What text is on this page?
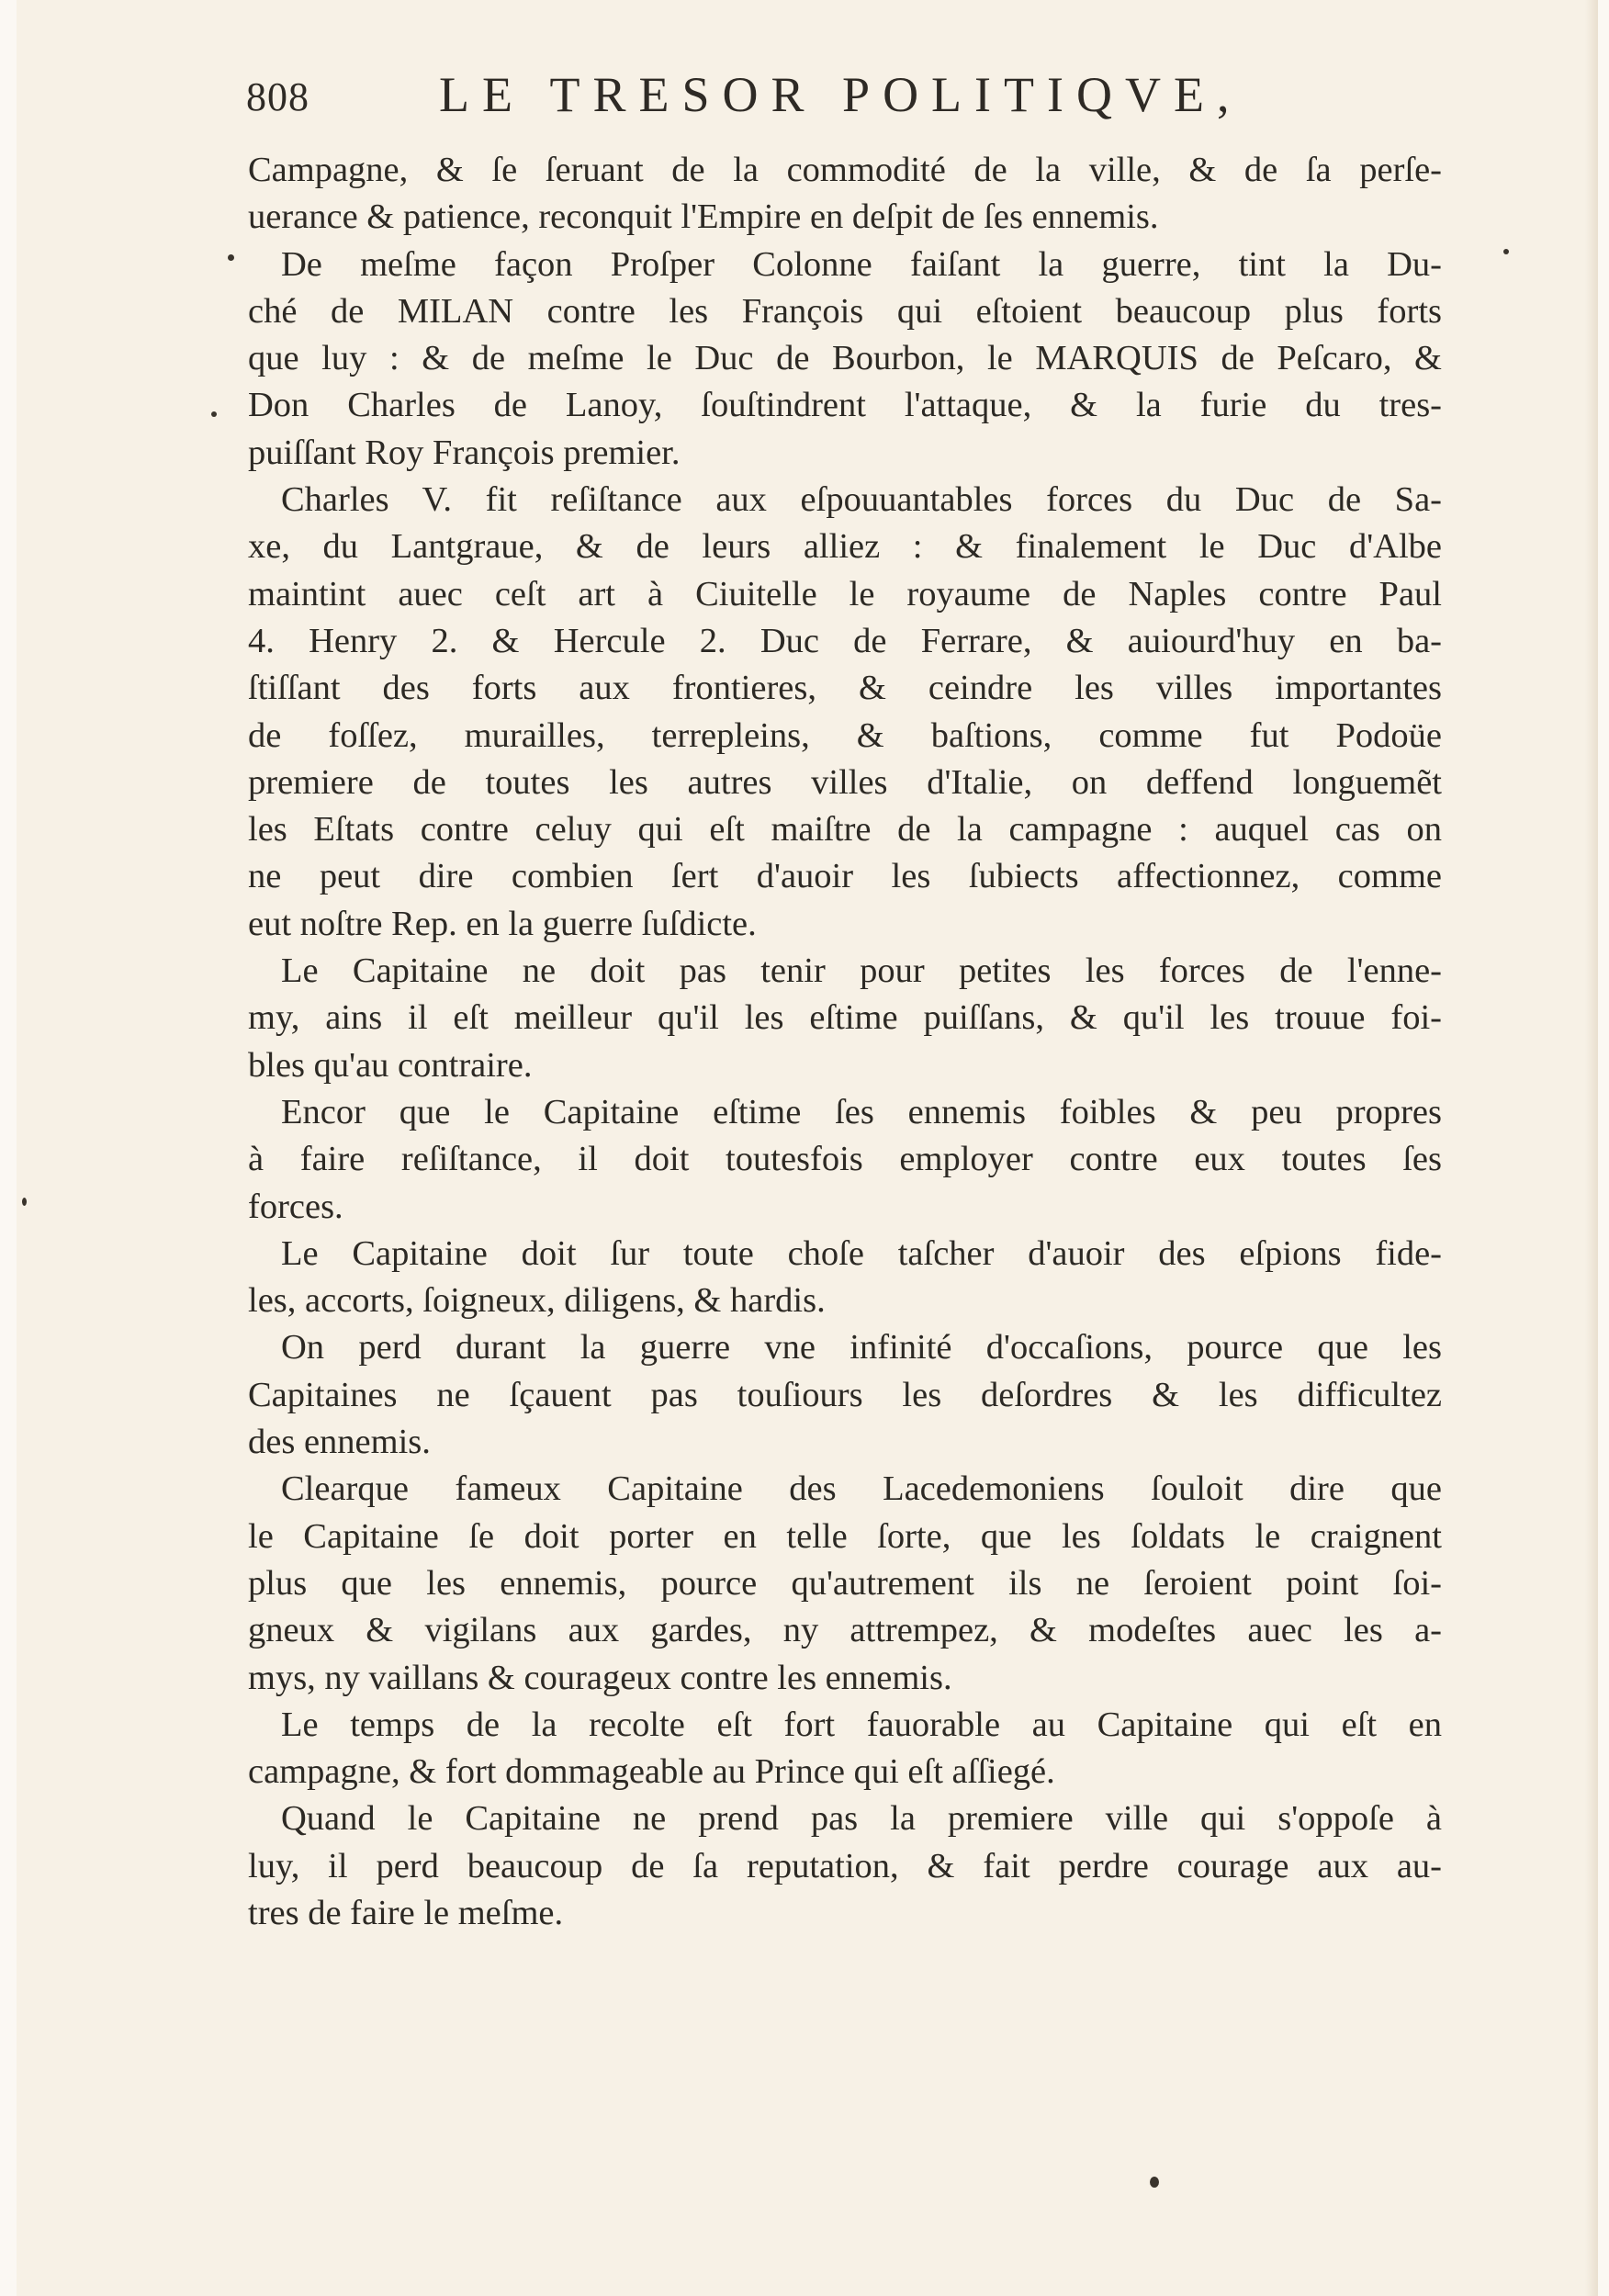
808	LE TRESOR POLITIQVE,
Campagne, & ſe ſeruant de la commodité de la ville, & de ſa perſe-
uerance & patience, reconquit l'Empire en deſpit de ſes ennemis.
De meſme façon Proſper Colonne faiſant la guerre, tint la Du-
ché de MILAN contre les François qui eſtoient beaucoup plus forts
que luy : & de meſme le Duc de Bourbon, le MARQUIS de Peſcaro, &
Don Charles de Lanoy, ſouſtindrent l'attaque, & la furie du tres-
puiſſant Roy François premier.
Charles V. fit reſiſtance aux eſpouuantables forces du Duc de Sa-
xe, du Lantgraue, & de leurs alliez : & finalement le Duc d'Albe
maintint auec ceſt art à Ciuitelle le royaume de Naples contre Paul
4. Henry 2. & Hercule 2. Duc de Ferrare, & auiourd'huy en ba-
ſtiſſant des forts aux frontieres, & ceindre les villes importantes
de foſſez, murailles, terrepleins, & baſtions, comme fut Podoüe
premiere de toutes les autres villes d'Italie, on deffend longuemẽt
les Eſtats contre celuy qui eſt maiſtre de la campagne : auquel cas on
ne peut dire combien ſert d'auoir les ſubiects affectionnez, comme
eut noſtre Rep. en la guerre ſuſdicte.
Le Capitaine ne doit pas tenir pour petites les forces de l'enne-
my, ains il eſt meilleur qu'il les eſtime puiſſans, & qu'il les trouue foi-
bles qu'au contraire.
Encor que le Capitaine eſtime ſes ennemis foibles & peu propres
à faire reſiſtance, il doit toutesfois employer contre eux toutes ſes
forces.
Le Capitaine doit ſur toute choſe taſcher d'auoir des eſpions fide-
les, accorts, ſoigneux, diligens, & hardis.
On perd durant la guerre vne infinité d'occaſions, pource que les
Capitaines ne ſçauent pas touſiours les deſordres & les difficultez
des ennemis.
Clearque fameux Capitaine des Lacedemoniens ſouloit dire que
le Capitaine ſe doit porter en telle ſorte, que les ſoldats le craignent
plus que les ennemis, pource qu'autrement ils ne ſeroient point ſoi-
gneux & vigilans aux gardes, ny attrempez, & modeſtes auec les a-
mys, ny vaillans & courageux contre les ennemis.
Le temps de la recolte eſt fort fauorable au Capitaine qui eſt en
campagne, & fort dommageable au Prince qui eſt aſſiegé.
Quand le Capitaine ne prend pas la premiere ville qui s'oppoſe à
luy, il perd beaucoup de ſa reputation, & fait perdre courage aux au-
tres de faire le meſme.
